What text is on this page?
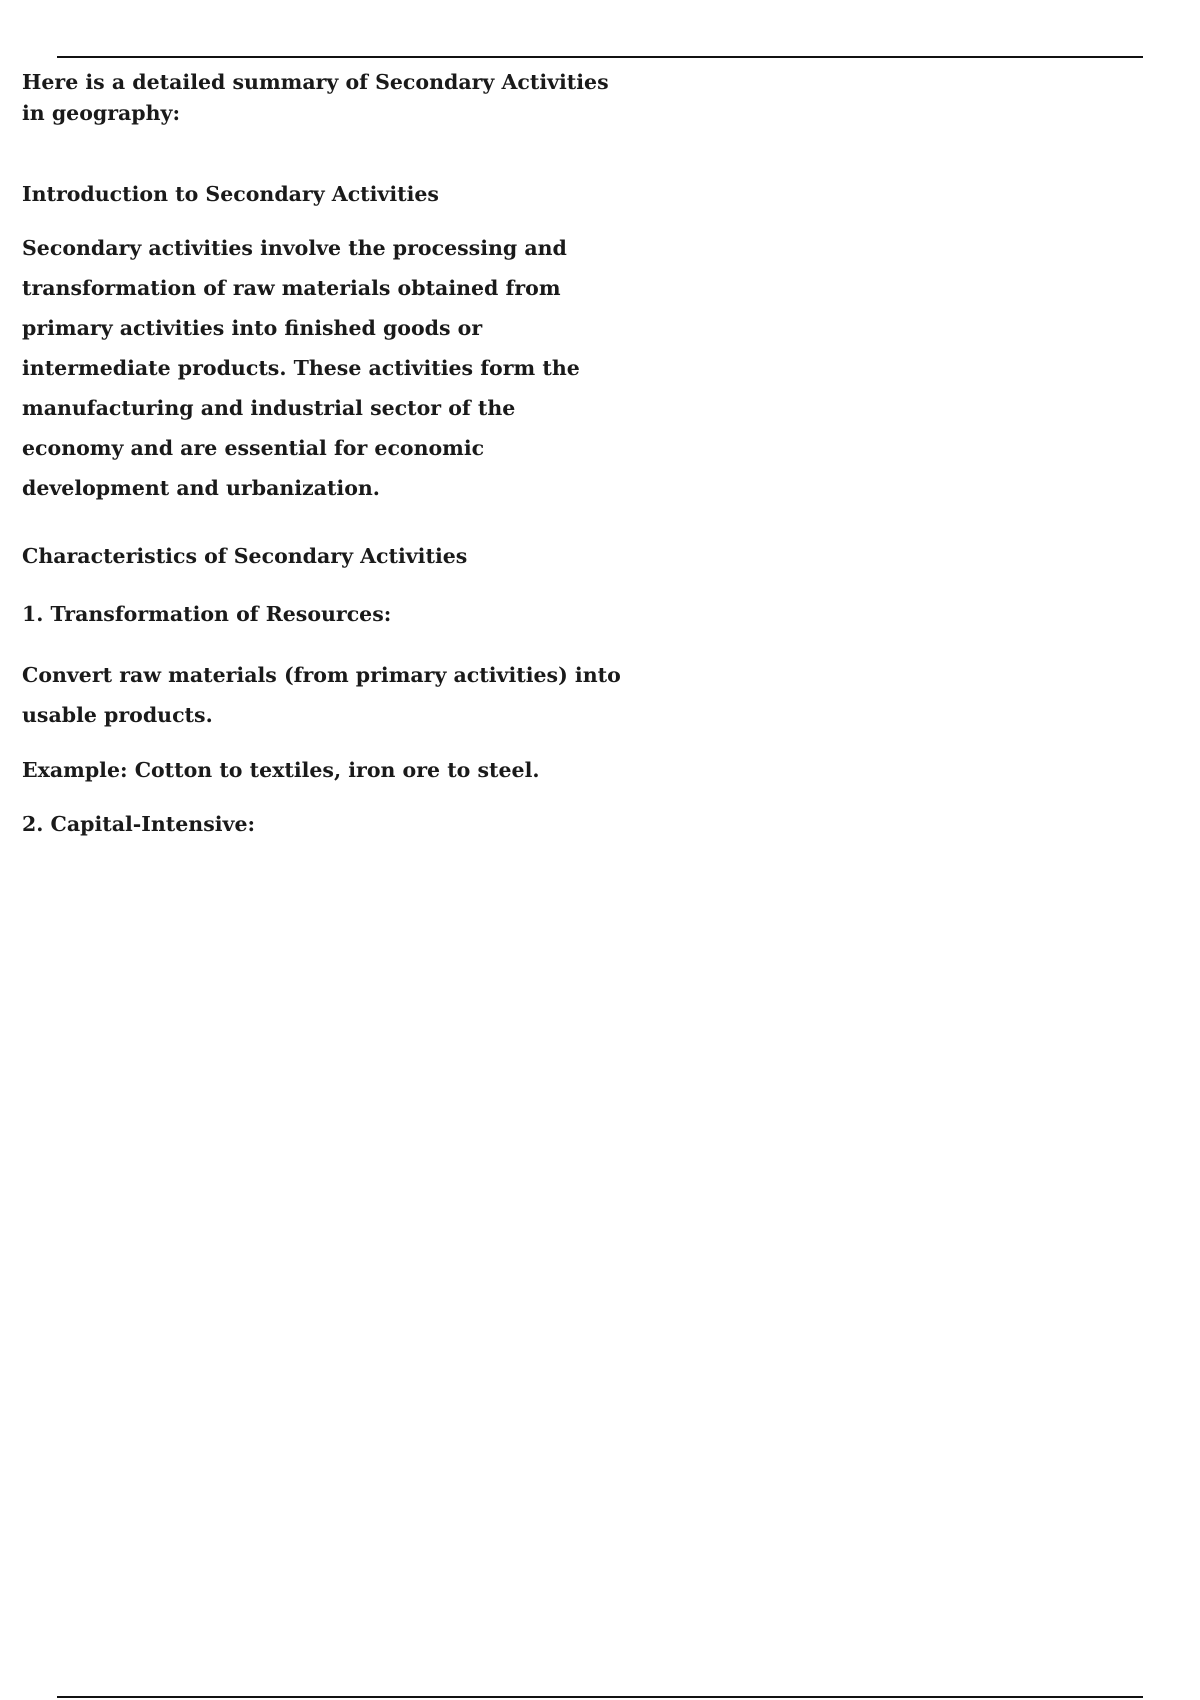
Here is a detailed summary of Secondary Activities in geography:

Introduction to Secondary Activities

Secondary activities involve the processing and transformation of raw materials obtained from primary activities into finished goods or intermediate products. These activities form the manufacturing and industrial sector of the economy and are essential for economic development and urbanization.

Characteristics of Secondary Activities

1. Transformation of Resources:

Convert raw materials (from primary activities) into usable products.

Example: Cotton to textiles, iron ore to steel.

2. Capital-Intensive:
